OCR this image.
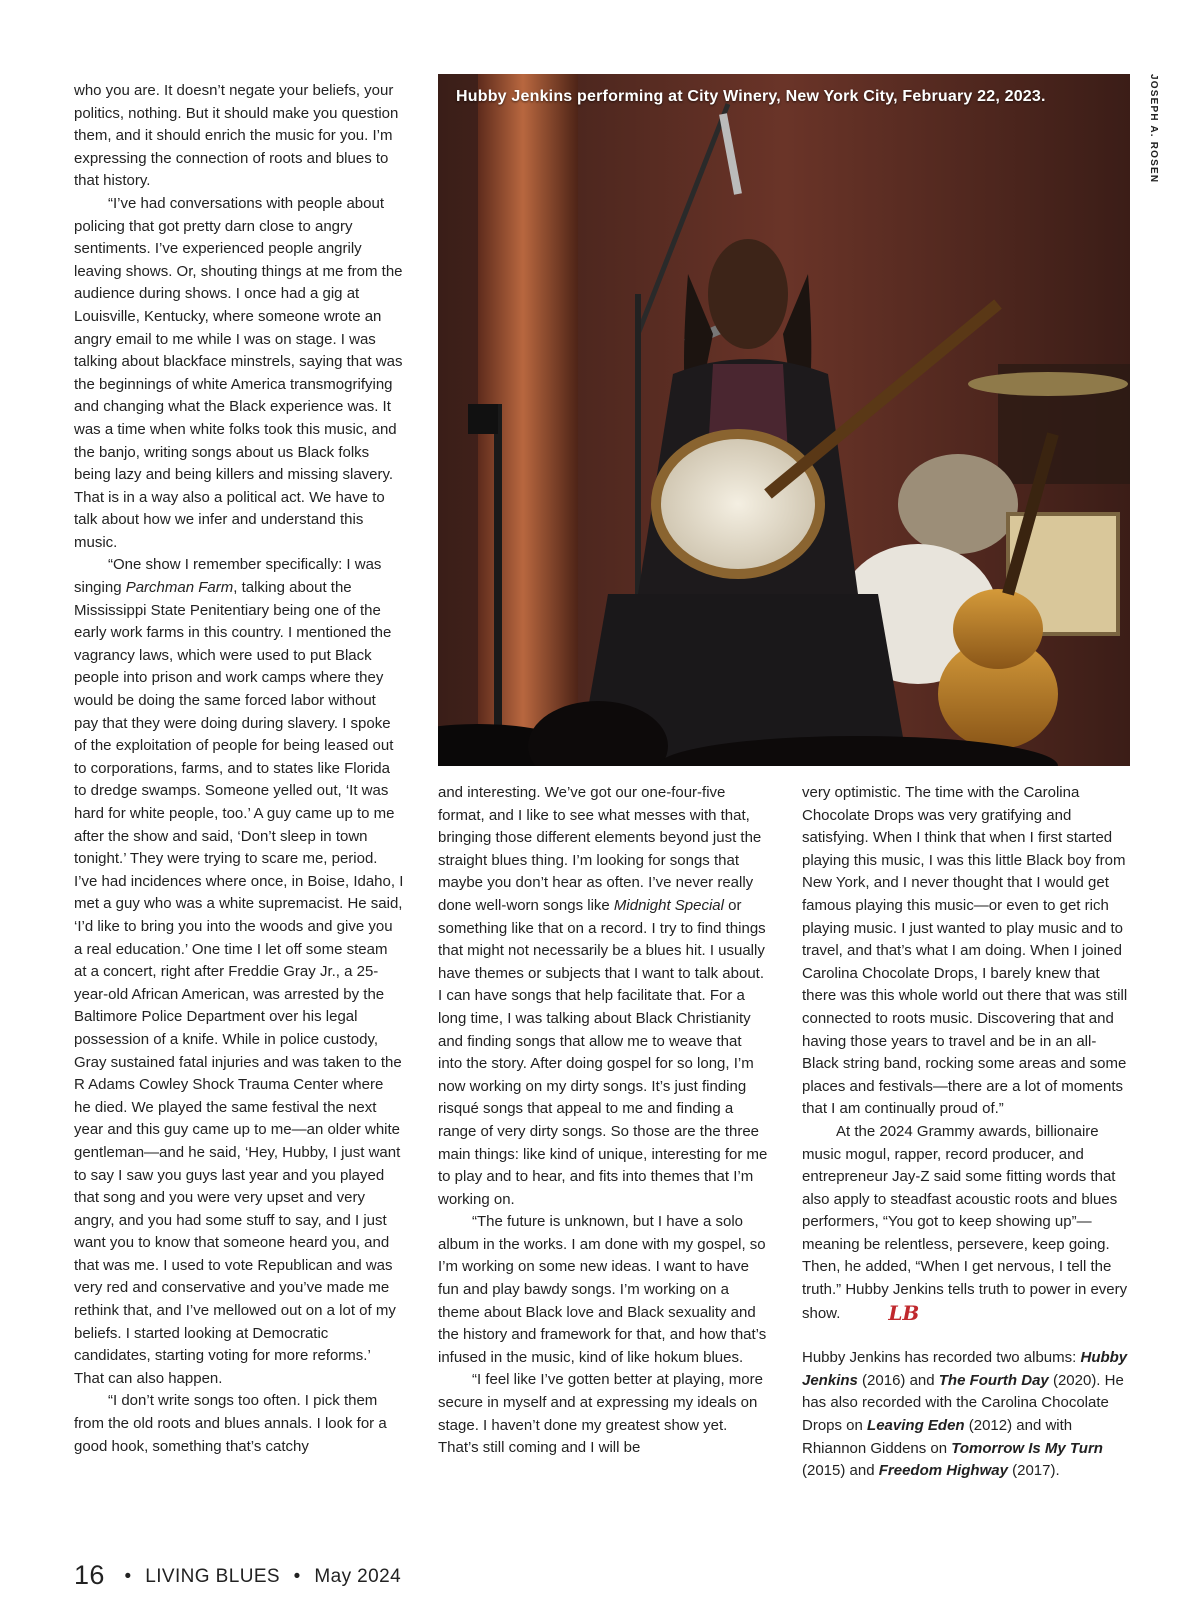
who you are. It doesn’t negate your beliefs, your politics, nothing. But it should make you question them, and it should enrich the music for you. I’m expressing the connection of roots and blues to that history.

“I’ve had conversations with people about policing that got pretty darn close to angry sentiments. I’ve experienced people angrily leaving shows. Or, shouting things at me from the audience during shows. I once had a gig at Louisville, Kentucky, where someone wrote an angry email to me while I was on stage. I was talking about blackface minstrels, saying that was the beginnings of white America transmogrifying and changing what the Black experience was. It was a time when white folks took this music, and the banjo, writing songs about us Black folks being lazy and being killers and missing slavery. That is in a way also a political act. We have to talk about how we infer and understand this music.

“One show I remember specifically: I was singing Parchman Farm, talking about the Mississippi State Penitentiary being one of the early work farms in this country. I mentioned the vagrancy laws, which were used to put Black people into prison and work camps where they would be doing the same forced labor without pay that they were doing during slavery. I spoke of the exploitation of people for being leased out to corporations, farms, and to states like Florida to dredge swamps. Someone yelled out, ‘It was hard for white people, too.’ A guy came up to me after the show and said, ‘Don’t sleep in town tonight.’ They were trying to scare me, period. I’ve had incidences where once, in Boise, Idaho, I met a guy who was a white supremacist. He said, ‘I’d like to bring you into the woods and give you a real education.’ One time I let off some steam at a concert, right after Freddie Gray Jr., a 25-year-old African American, was arrested by the Baltimore Police Department over his legal possession of a knife. While in police custody, Gray sustained fatal injuries and was taken to the R Adams Cowley Shock Trauma Center where he died. We played the same festival the next year and this guy came up to me—an older white gentleman—and he said, ‘Hey, Hubby, I just want to say I saw you guys last year and you played that song and you were very upset and very angry, and you had some stuff to say, and I just want you to know that someone heard you, and that was me. I used to vote Republican and was very red and conservative and you’ve made me rethink that, and I’ve mellowed out on a lot of my beliefs. I started looking at Democratic candidates, starting voting for more reforms.’ That can also happen.

“I don’t write songs too often. I pick them from the old roots and blues annals. I look for a good hook, something that’s catchy

Hubby Jenkins performing at City Winery, New York City, February 22, 2023.	JOSEPH A. ROSEN

and interesting. We’ve got our one-four-five format, and I like to see what messes with that, bringing those different elements beyond just the straight blues thing. I’m looking for songs that maybe you don’t hear as often. I’ve never really done well-worn songs like Midnight Special or something like that on a record. I try to find things that might not necessarily be a blues hit. I usually have themes or subjects that I want to talk about. I can have songs that help facilitate that. For a long time, I was talking about Black Christianity and finding songs that allow me to weave that into the story. After doing gospel for so long, I’m now working on my dirty songs. It’s just finding risqué songs that appeal to me and finding a range of very dirty songs. So those are the three main things: like kind of unique, interesting for me to play and to hear, and fits into themes that I’m working on.

“The future is unknown, but I have a solo album in the works. I am done with my gospel, so I’m working on some new ideas. I want to have fun and play bawdy songs. I’m working on a theme about Black love and Black sexuality and the history and framework for that, and how that’s infused in the music, kind of like hokum blues.

“I feel like I’ve gotten better at playing, more secure in myself and at expressing my ideals on stage. I haven’t done my greatest show yet. That’s still coming and I will be

very optimistic. The time with the Carolina Chocolate Drops was very gratifying and satisfying. When I think that when I first started playing this music, I was this little Black boy from New York, and I never thought that I would get famous playing this music—or even to get rich playing music. I just wanted to play music and to travel, and that’s what I am doing. When I joined Carolina Chocolate Drops, I barely knew that there was this whole world out there that was still connected to roots music. Discovering that and having those years to travel and be in an all-Black string band, rocking some areas and some places and festivals—there are a lot of moments that I am continually proud of.”

At the 2024 Grammy awards, billionaire music mogul, rapper, record producer, and entrepreneur Jay-Z said some fitting words that also apply to steadfast acoustic roots and blues performers, “You got to keep showing up”—meaning be relentless, persevere, keep going. Then, he added, “When I get nervous, I tell the truth.” Hubby Jenkins tells truth to power in every show. LB

Hubby Jenkins has recorded two albums: Hubby Jenkins (2016) and The Fourth Day (2020). He has also recorded with the Carolina Chocolate Drops on Leaving Eden (2012) and with Rhiannon Giddens on Tomorrow Is My Turn (2015) and Freedom Highway (2017).

16 • LIVING BLUES • May 2024
